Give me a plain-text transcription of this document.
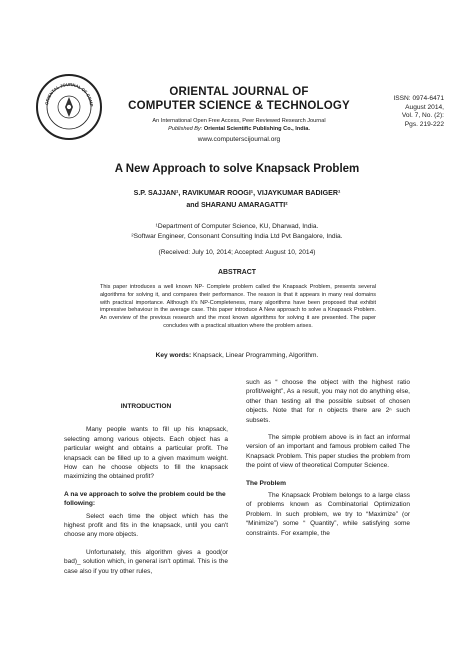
ORIENTAL JOURNAL OF COMP
ORIENTAL JOURNAL OF
COMPUTER SCIENCE & TECHNOLOGY
An International Open Free Access, Peer Reviewed Research Journal
Published By: Oriental Scientific Publishing Co., India.
www.computerscijournal.org
ISSN: 0974-6471
August 2014,
Vol. 7, No. (2):
Pgs. 219-222
A New Approach to solve Knapsack Problem
S.P. SAJJAN¹, RAVIKUMAR ROOGI¹, VIJAYKUMAR BADIGER¹
and SHARANU AMARAGATTI²
¹Department of Computer Science, KU, Dharwad, India.
²Softwar Engineer, Consonant Consulting India Ltd Pvt Bangalore, India.
(Received: July 10, 2014; Accepted: August 10, 2014)
ABSTRACT
This paper introduces a well known NP- Complete problem called the Knapsack Problem, presents several algorithms for solving it, and compares their performance. The reason is that it appears in many real domains with practical importance. Although it's NP-Completeness, many algorithms have been proposed that exhibit impressive behaviour in the average case. This paper introduce A New approach to solve a Knapsack Problem. An overview of the previous research and the most known algorithms for solving it are presented. The paper concludes with a practical situation where the problem arises.
Key words: Knapsack, Linear Programming, Algorithm.
INTRODUCTION

Many people wants to fill up his knapsack, selecting among various objects. Each object has a particular weight and obtains a particular profit. The knapsack can be filled up to a given maximum weight. How can he choose objects to fill the knapsack maximizing the obtained profit?

A na ve approach to solve the problem could be the following:

Select each time the object which has the highest profit and fits in the knapsack, until you can't choose any more objects.

Unfortunately, this algorithm gives a good(or bad)_ solution which, in general isn't optimal. This is the case also if you try other rules,

such as “ choose the object with the highest ratio profit/weight”, As a result, you may not do anything else, other than testing all the possible subset of chosen objects. Note that for n objects there are 2ⁿ such subsets.

The simple problem above is in fact an informal version of an important and famous problem called The Knapsack Problem. This paper studies the problem from the point of view of theoretical Computer Science.

The Problem

The Knapsack Problem belongs to a large class of problems known as Combinatorial Optimization Problem. In such problem, we try to “Maximize” (or “Minimize”) some “ Quantity”, while satisfying some constraints. For example, the
